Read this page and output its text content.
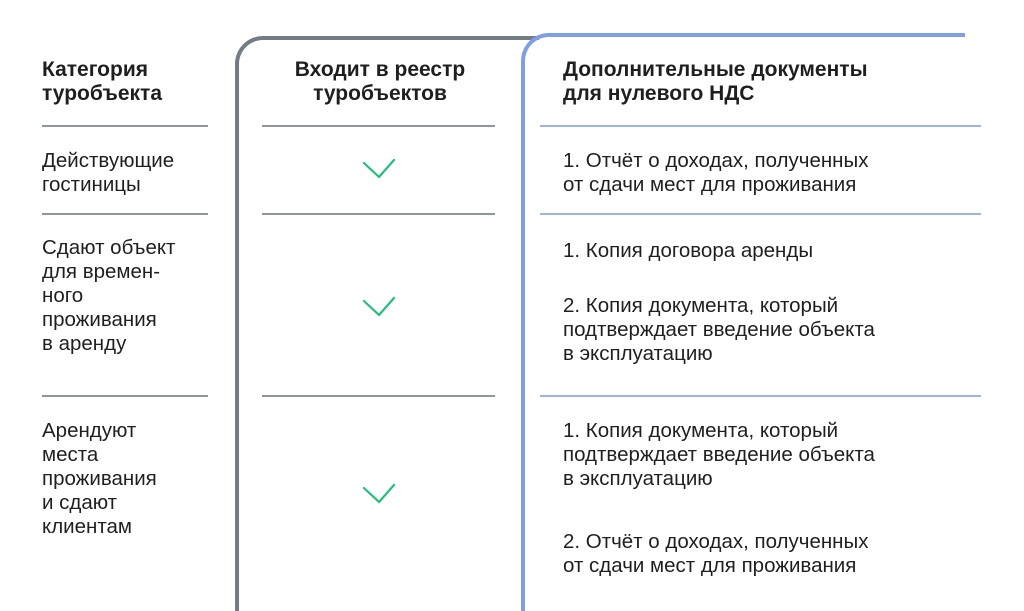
Категория
туробъекта
Входит в реестр
туробъектов
Дополнительные документы
для нулевого НДС
Действующие
гостиницы
1. Отчёт о доходах, полученных
от сдачи мест для проживания
Сдают объект
для времен-
ного
проживания
в аренду
1. Копия договора аренды
2. Копия документа, который
подтверждает введение объекта
в эксплуатацию
Арендуют
места
проживания
и сдают
клиентам
1. Копия документа, который
подтверждает введение объекта
в эксплуатацию
2. Отчёт о доходах, полученных
от сдачи мест для проживания
